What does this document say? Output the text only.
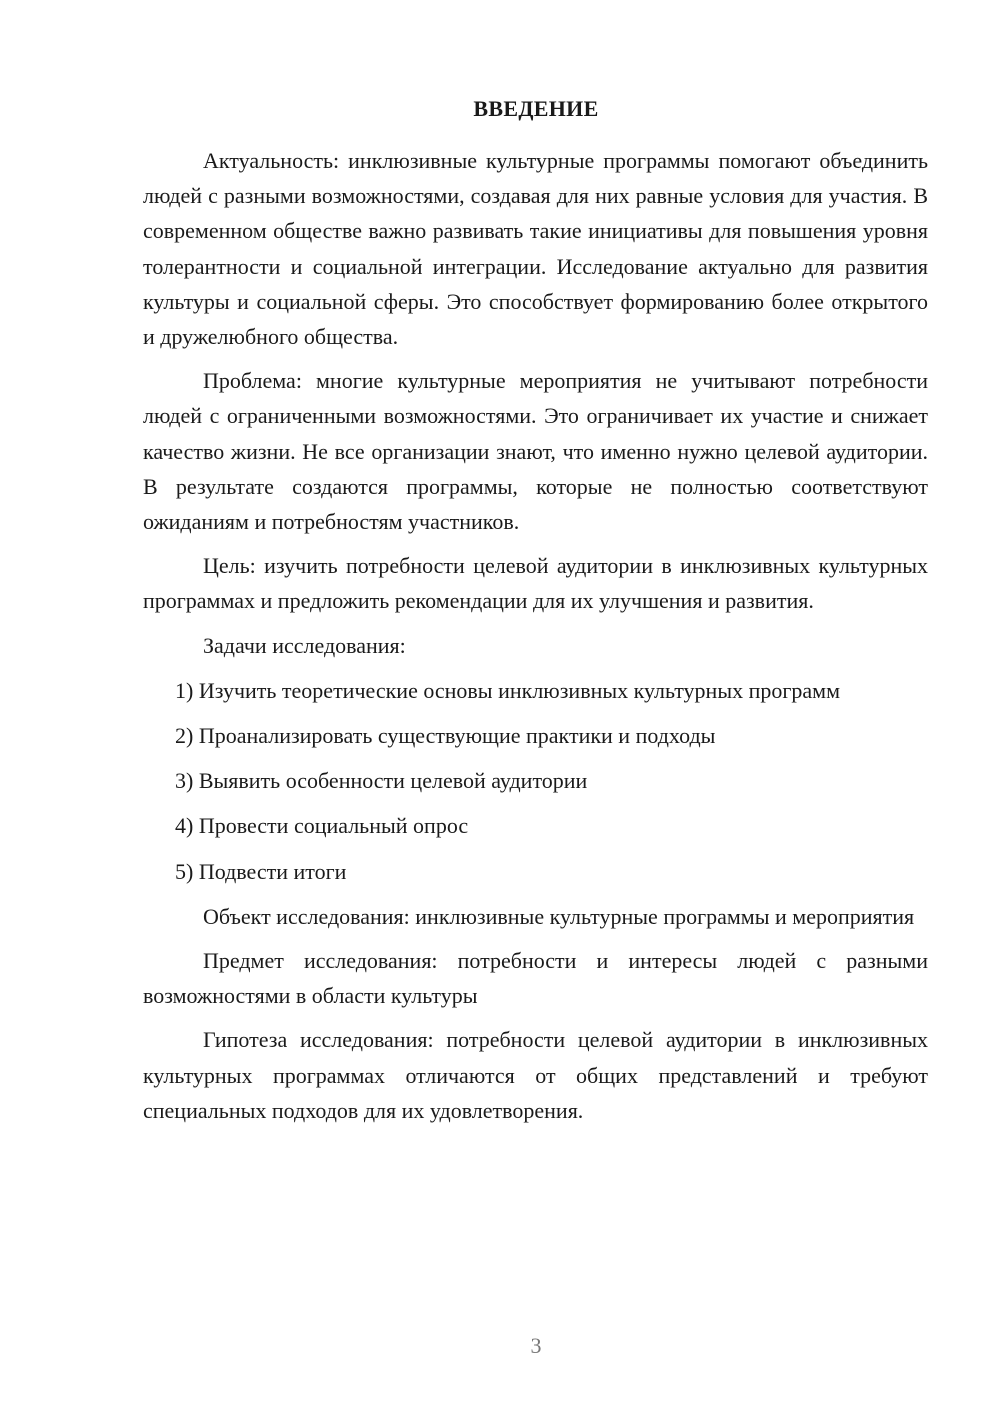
ВВЕДЕНИЕ

Актуальность: инклюзивные культурные программы помогают объединить людей с разными возможностями, создавая для них равные условия для участия. В современном обществе важно развивать такие инициативы для повышения уровня толерантности и социальной интеграции. Исследование актуально для развития культуры и социальной сферы. Это способствует формированию более открытого и дружелюбного общества.

Проблема: многие культурные мероприятия не учитывают потребности людей с ограниченными возможностями. Это ограничивает их участие и снижает качество жизни. Не все организации знают, что именно нужно целевой аудитории. В результате создаются программы, которые не полностью соответствуют ожиданиям и потребностям участников.

Цель: изучить потребности целевой аудитории в инклюзивных культурных программах и предложить рекомендации для их улучшения и развития.

Задачи исследования:

1) Изучить теоретические основы инклюзивных культурных программ

2) Проанализировать существующие практики и подходы

3) Выявить особенности целевой аудитории

4) Провести социальный опрос

5) Подвести итоги

Объект исследования: инклюзивные культурные программы и мероприятия

Предмет исследования: потребности и интересы людей с разными возможностями в области культуры

Гипотеза исследования: потребности целевой аудитории в инклюзивных культурных программах отличаются от общих представлений и требуют специальных подходов для их удовлетворения.

3
